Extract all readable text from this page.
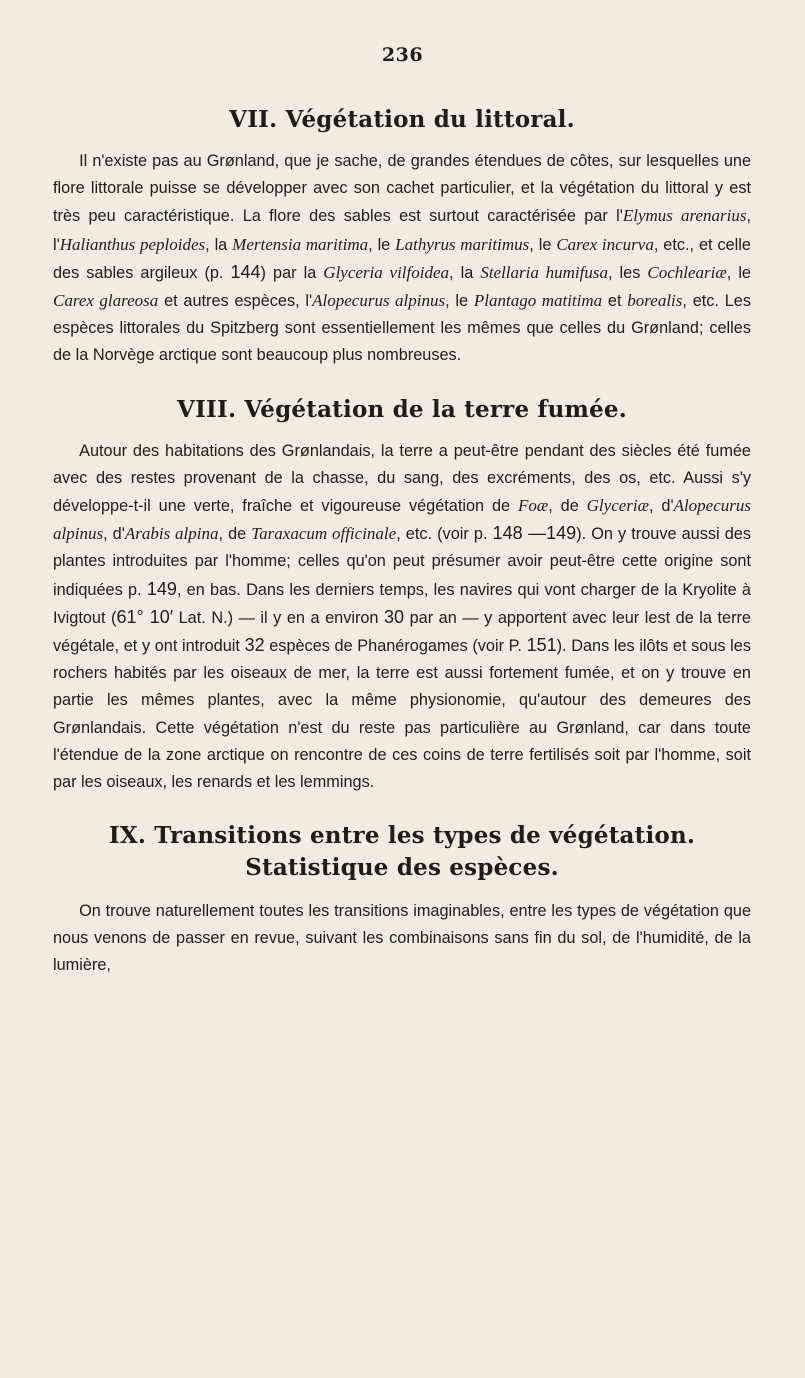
236
VII. Végétation du littoral.

Il n'existe pas au Grønland, que je sache, de grandes étendues de côtes, sur lesquelles une flore littorale puisse se développer avec son cachet particulier, et la végétation du littoral y est très peu caractéristique. La flore des sables est surtout caractérisée par l'Elymus arenarius, l'Halianthus peploides, la Mertensia maritima, le Lathyrus maritimus, le Carex incurva, etc., et celle des sables argileux (p. 144) par la Glyceria vilfoidea, la Stellaria humifusa, les Cochleariæ, le Carex glareosa et autres espèces, l'Alopecurus alpinus, le Plantago matitima et borealis, etc. Les espèces littorales du Spitzberg sont essentiellement les mêmes que celles du Grønland; celles de la Norvège arctique sont beaucoup plus nombreuses.

VIII. Végétation de la terre fumée.

Autour des habitations des Grønlandais, la terre a peut-être pendant des siècles été fumée avec des restes provenant de la chasse, du sang, des excréments, des os, etc. Aussi s'y développe-t-il une verte, fraîche et vigoureuse végétation de Foæ, de Glyceriæ, d'Alopecurus alpinus, d'Arabis alpina, de Taraxacum officinale, etc. (voir p. 148 —149). On y trouve aussi des plantes introduites par l'homme; celles qu'on peut présumer avoir peut-être cette origine sont indiquées p. 149, en bas. Dans les derniers temps, les navires qui vont charger de la Kryolite à Ivigtout (61° 10′ Lat. N.) — il y en a environ 30 par an — y apportent avec leur lest de la terre végétale, et y ont introduit 32 espèces de Phanérogames (voir P. 151). Dans les ilôts et sous les rochers habités par les oiseaux de mer, la terre est aussi fortement fumée, et on y trouve en partie les mêmes plantes, avec la même physionomie, qu'autour des demeures des Grønlandais. Cette végétation n'est du reste pas particulière au Grønland, car dans toute l'étendue de la zone arctique on rencontre de ces coins de terre fertilisés soit par l'homme, soit par les oiseaux, les renards et les lemmings.

IX. Transitions entre les types de végétation.
Statistique des espèces.

On trouve naturellement toutes les transitions imaginables, entre les types de végétation que nous venons de passer en revue, suivant les combinaisons sans fin du sol, de l'humidité, de la lumière,
